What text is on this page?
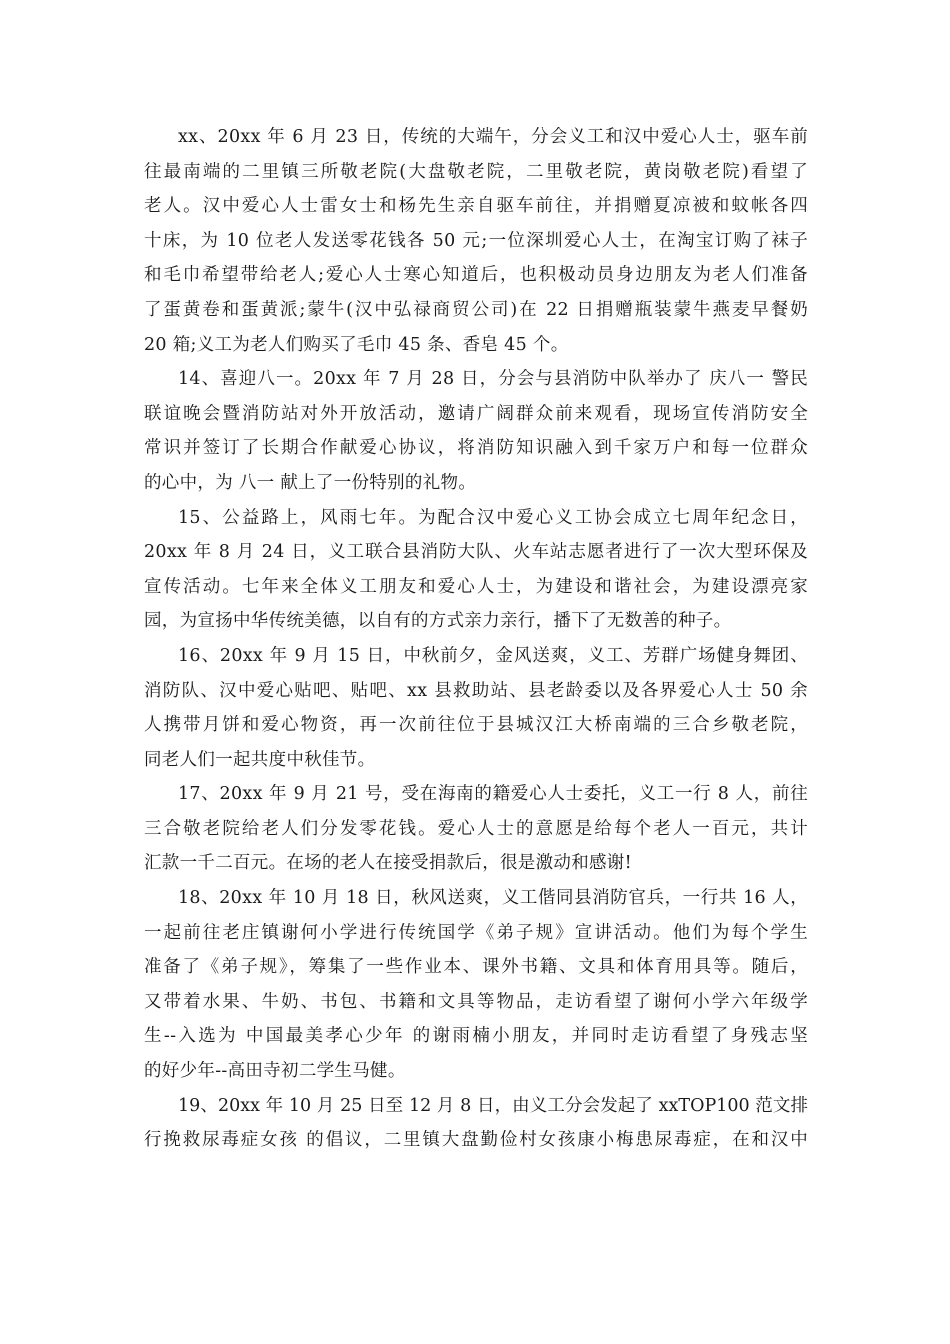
xx、20xx 年 6 月 23 日，传统的大端午，分会义工和汉中爱心人士，驱车前
往最南端的二里镇三所敬老院(大盘敬老院，二里敬老院，黄岗敬老院)看望了
老人。汉中爱心人士雷女士和杨先生亲自驱车前往，并捐赠夏凉被和蚊帐各四
十床，为 10 位老人发送零花钱各 50 元;一位深圳爱心人士，在淘宝订购了袜子
和毛巾希望带给老人;爱心人士寒心知道后，也积极动员身边朋友为老人们准备
了蛋黄卷和蛋黄派;蒙牛(汉中弘禄商贸公司)在 22 日捐赠瓶装蒙牛燕麦早餐奶
20 箱;义工为老人们购买了毛巾 45 条、香皂 45 个。
14、喜迎八一。20xx 年 7 月 28 日，分会与县消防中队举办了 庆八一 警民
联谊晚会暨消防站对外开放活动，邀请广阔群众前来观看，现场宣传消防安全
常识并签订了长期合作献爱心协议，将消防知识融入到千家万户和每一位群众
的心中，为 八一 献上了一份特别的礼物。
15、公益路上，风雨七年。为配合汉中爱心义工协会成立七周年纪念日，
20xx 年 8 月 24 日，义工联合县消防大队、火车站志愿者进行了一次大型环保及
宣传活动。七年来全体义工朋友和爱心人士，为建设和谐社会，为建设漂亮家
园，为宣扬中华传统美德，以自有的方式亲力亲行，播下了无数善的种子。
16、20xx 年 9 月 15 日，中秋前夕，金风送爽，义工、芳群广场健身舞团、
消防队、汉中爱心贴吧、贴吧、xx 县救助站、县老龄委以及各界爱心人士 50 余
人携带月饼和爱心物资，再一次前往位于县城汉江大桥南端的三合乡敬老院，
同老人们一起共度中秋佳节。
17、20xx 年 9 月 21 号，受在海南的籍爱心人士委托，义工一行 8 人，前往
三合敬老院给老人们分发零花钱。爱心人士的意愿是给每个老人一百元，共计
汇款一千二百元。在场的老人在接受捐款后，很是激动和感谢!
18、20xx 年 10 月 18 日，秋风送爽，义工偕同县消防官兵，一行共 16 人，
一起前往老庄镇谢何小学进行传统国学《弟子规》宣讲活动。他们为每个学生
准备了《弟子规》，筹集了一些作业本、课外书籍、文具和体育用具等。随后，
又带着水果、牛奶、书包、书籍和文具等物品，走访看望了谢何小学六年级学
生--入选为 中国最美孝心少年 的谢雨楠小朋友，并同时走访看望了身残志坚
的好少年--高田寺初二学生马健。
19、20xx 年 10 月 25 日至 12 月 8 日，由义工分会发起了 xxTOP100 范文排
行挽救尿毒症女孩 的倡议，二里镇大盘勤俭村女孩康小梅患尿毒症，在和汉中
